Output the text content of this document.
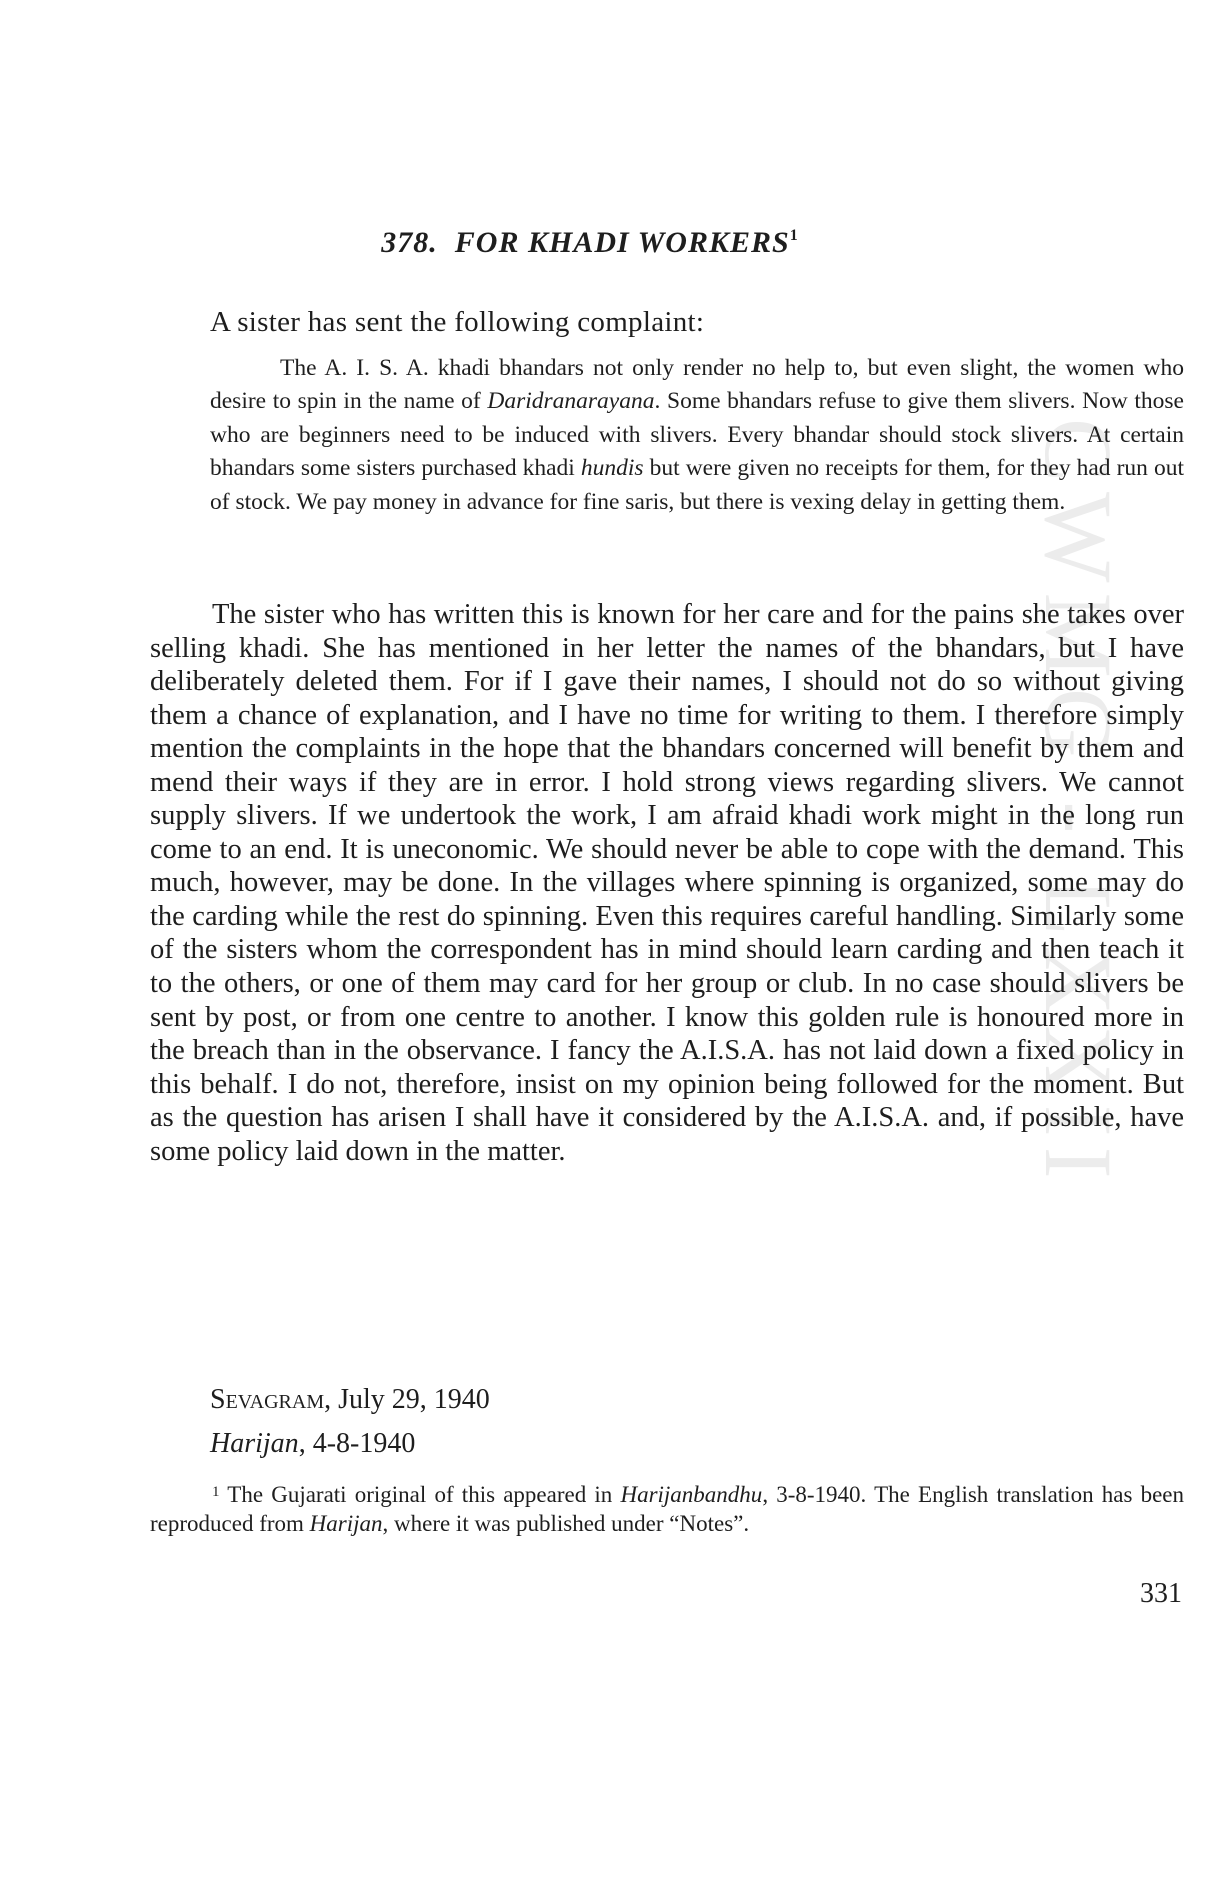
CWMG - LXXII
378. FOR KHADI WORKERS$^1$

A sister has sent the following complaint:

The A. I. S. A. khadi bhandars not only render no help to, but even slight, the women who desire to spin in the name of Daridranarayana. Some bhandars refuse to give them slivers. Now those who are beginners need to be induced with slivers. Every bhandar should stock slivers. At certain bhandars some sisters purchased khadi hundis but were given no receipts for them, for they had run out of stock. We pay money in advance for fine saris, but there is vexing delay in getting them.

The sister who has written this is known for her care and for the pains she takes over selling khadi. She has mentioned in her letter the names of the bhandars, but I have deliberately deleted them. For if I gave their names, I should not do so without giving them a chance of explanation, and I have no time for writing to them. I therefore simply mention the complaints in the hope that the bhandars concerned will benefit by them and mend their ways if they are in error. I hold strong views regarding slivers. We cannot supply slivers. If we undertook the work, I am afraid khadi work might in the long run come to an end. It is uneconomic. We should never be able to cope with the demand. This much, however, may be done. In the villages where spinning is organized, some may do the carding while the rest do spinning. Even this requires careful handling. Similarly some of the sisters whom the correspondent has in mind should learn carding and then teach it to the others, or one of them may card for her group or club. In no case should slivers be sent by post, or from one centre to another. I know this golden rule is honoured more in the breach than in the observance. I fancy the A.I.S.A. has not laid down a fixed policy in this behalf. I do not, therefore, insist on my opinion being followed for the moment. But as the question has arisen I shall have it considered by the A.I.S.A. and, if possible, have some policy laid down in the matter.

Sevagram, July 29, 1940

Harijan, 4-8-1940

$^1$ The Gujarati original of this appeared in Harijanbandhu, 3-8-1940. The English translation has been reproduced from Harijan, where it was published under “Notes”.

331
